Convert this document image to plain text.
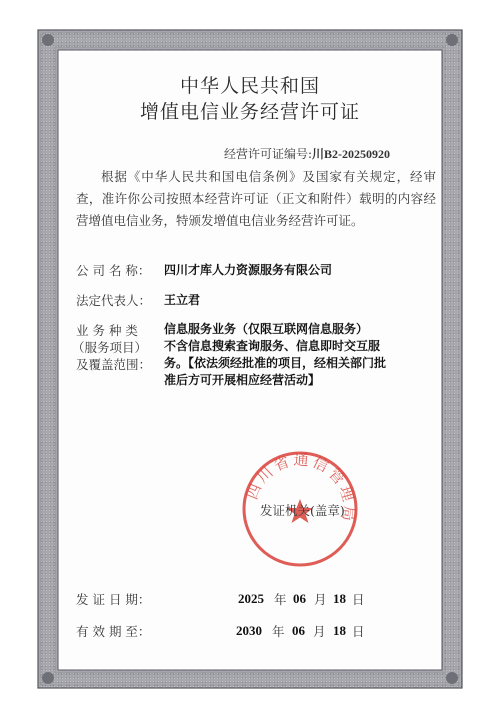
中华人民共和国
增值电信业务经营许可证
经营许可证编号:川B2-20250920
根据《中华人民共和国电信条例》及国家有关规定，经审查，准许你公司按照本经营许可证（正文和附件）载明的内容经营增值电信业务，特颁发增值电信业务经营许可证。
公 司 名 称： 四川才库人力资源服务有限公司
法定代表人： 王立君
业 务 种 类
（服务项目）
及覆盖范围：
信息服务业务（仅限互联网信息服务）
不含信息搜索查询服务、信息即时交互服
务。【依法须经批准的项目，经相关部门批
准后方可开展相应经营活动】
四川省通信管理局
发证机关(盖章)
发 证 日 期：	2025 年 06 月 18 日
有 效 期 至：	2030 年 06 月 18 日
